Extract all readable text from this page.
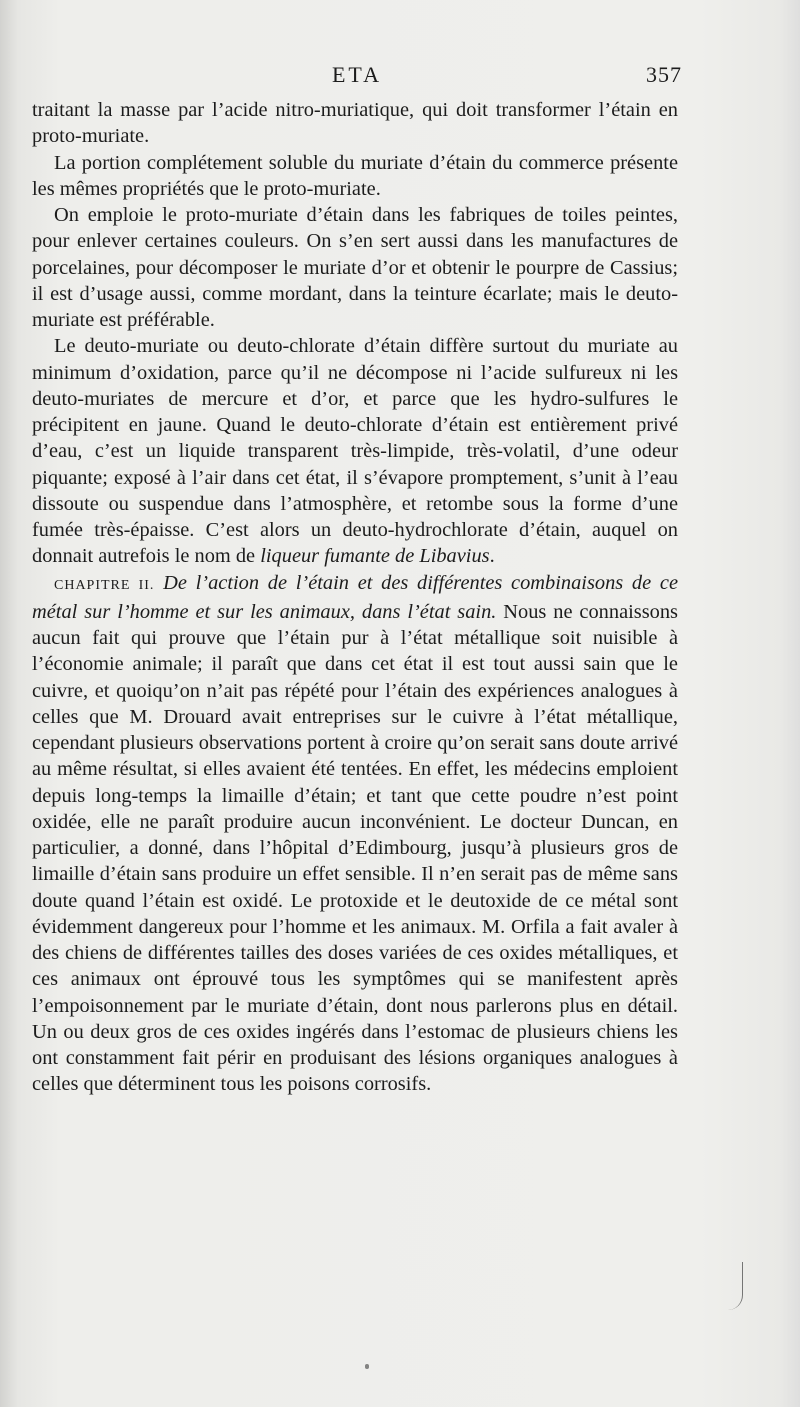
ETA	357

traitant la masse par l’acide nitro-muriatique, qui doit transformer l’étain en proto-muriate.

La portion complétement soluble du muriate d’étain du commerce présente les mêmes propriétés que le proto-muriate.

On emploie le proto-muriate d’étain dans les fabriques de toiles peintes, pour enlever certaines couleurs. On s’en sert aussi dans les manufactures de porcelaines, pour décomposer le muriate d’or et obtenir le pourpre de Cassius; il est d’usage aussi, comme mordant, dans la teinture écarlate; mais le deuto-muriate est préférable.

Le deuto-muriate ou deuto-chlorate d’étain diffère surtout du muriate au minimum d’oxidation, parce qu’il ne décompose ni l’acide sulfureux ni les deuto-muriates de mercure et d’or, et parce que les hydro-sulfures le précipitent en jaune. Quand le deuto-chlorate d’étain est entièrement privé d’eau, c’est un liquide transparent très-limpide, très-volatil, d’une odeur piquante; exposé à l’air dans cet état, il s’évapore promptement, s’unit à l’eau dissoute ou suspendue dans l’atmosphère, et retombe sous la forme d’une fumée très-épaisse. C’est alors un deuto-hydrochlorate d’étain, auquel on donnait autrefois le nom de liqueur fumante de Libavius.

CHAPITRE II. De l’action de l’étain et des différentes combinaisons de ce métal sur l’homme et sur les animaux, dans l’état sain. Nous ne connaissons aucun fait qui prouve que l’étain pur à l’état métallique soit nuisible à l’économie animale; il paraît que dans cet état il est tout aussi sain que le cuivre, et quoiqu’on n’ait pas répété pour l’étain des expériences analogues à celles que M. Drouard avait entreprises sur le cuivre à l’état métallique, cependant plusieurs observations portent à croire qu’on serait sans doute arrivé au même résultat, si elles avaient été tentées. En effet, les médecins emploient depuis long-temps la limaille d’étain; et tant que cette poudre n’est point oxidée, elle ne paraît produire aucun inconvénient. Le docteur Duncan, en particulier, a donné, dans l’hôpital d’Edimbourg, jusqu’à plusieurs gros de limaille d’étain sans produire un effet sensible. Il n’en serait pas de même sans doute quand l’étain est oxidé. Le protoxide et le deutoxide de ce métal sont évidemment dangereux pour l’homme et les animaux. M. Orfila a fait avaler à des chiens de différentes tailles des doses variées de ces oxides métalliques, et ces animaux ont éprouvé tous les symptômes qui se manifestent après l’empoisonnement par le muriate d’étain, dont nous parlerons plus en détail. Un ou deux gros de ces oxides ingérés dans l’estomac de plusieurs chiens les ont constamment fait périr en produisant des lésions organiques analogues à celles que déterminent tous les poisons corrosifs.
